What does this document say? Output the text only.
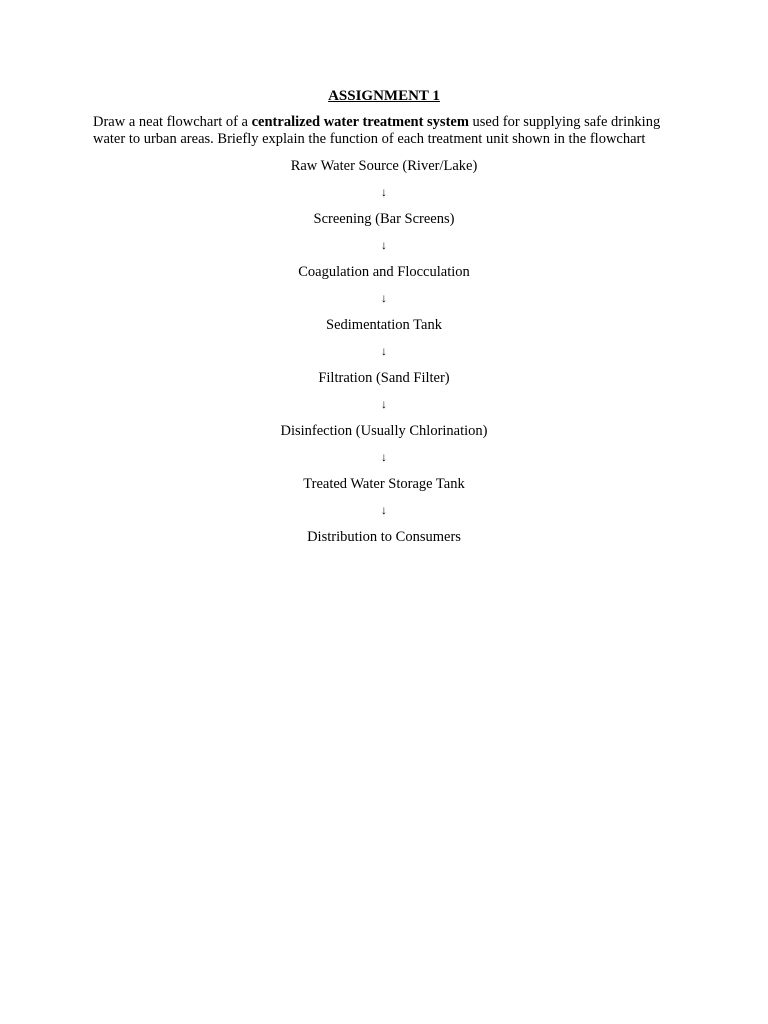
ASSIGNMENT 1
Draw a neat flowchart of a centralized water treatment system used for supplying safe drinking water to urban areas. Briefly explain the function of each treatment unit shown in the flowchart
Raw Water Source (River/Lake)
↓
Screening (Bar Screens)
↓
Coagulation and Flocculation
↓
Sedimentation Tank
↓
Filtration (Sand Filter)
↓
Disinfection (Usually Chlorination)
↓
Treated Water Storage Tank
↓
Distribution to Consumers
